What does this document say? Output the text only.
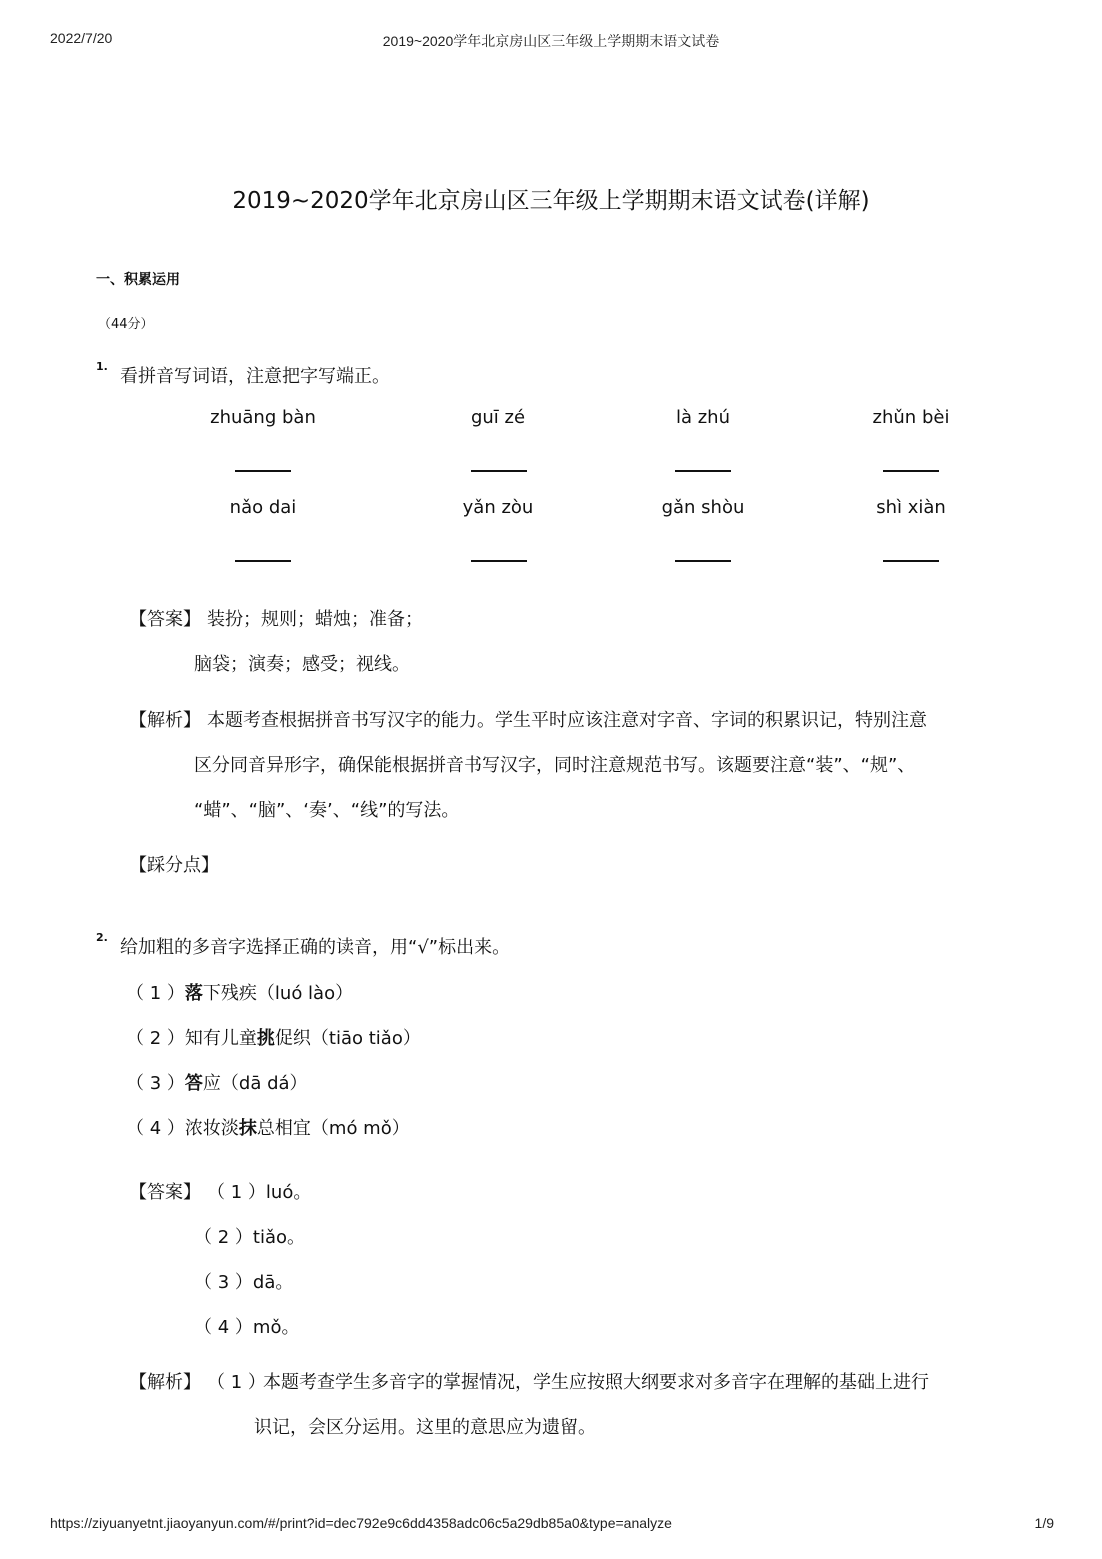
2022/7/20	2019~2020学年北京房山区三年级上学期期末语文试卷
2019~2020学年北京房山区三年级上学期期末语文试卷(详解)
一、积累运用
（44分）
1. 看拼音写词语，注意把字写端正。
zhuāng bàn	guī zé	là zhú	zhǔn bèi
nǎo dai	yǎn zòu	gǎn shòu	shì xiàn
【答案】 装扮；规则；蜡烛；准备；
脑袋；演奏；感受；视线。
【解析】 本题考查根据拼音书写汉字的能力。学生平时应该注意对字音、字词的积累识记，特别注意
区分同音异形字，确保能根据拼音书写汉字，同时注意规范书写。该题要注意“装”、“规”、
“蜡”、“脑”、‘奏’、“线”的写法。
【踩分点】
2. 给加粗的多音字选择正确的读音，用“√”标出来。
（ 1 ）落下残疾（luó lào）
（ 2 ）知有儿童挑促织（tiāo tiǎo）
（ 3 ）答应（dā dá）
（ 4 ）浓妆淡抹总相宜（mó mǒ）
【答案】 （ 1 ）luó。
（ 2 ）tiǎo。
（ 3 ）dā。
（ 4 ）mǒ。
【解析】 （ 1 ）
本题考查学生多音字的掌握情况，学生应按照大纲要求对多音字在理解的基础上进行
识记，会区分运用。这里的意思应为遗留。
https://ziyuanyetnt.jiaoyanyun.com/#/print?id=dec792e9c6dd4358adc06c5a29db85a0&type=analyze	1/9
